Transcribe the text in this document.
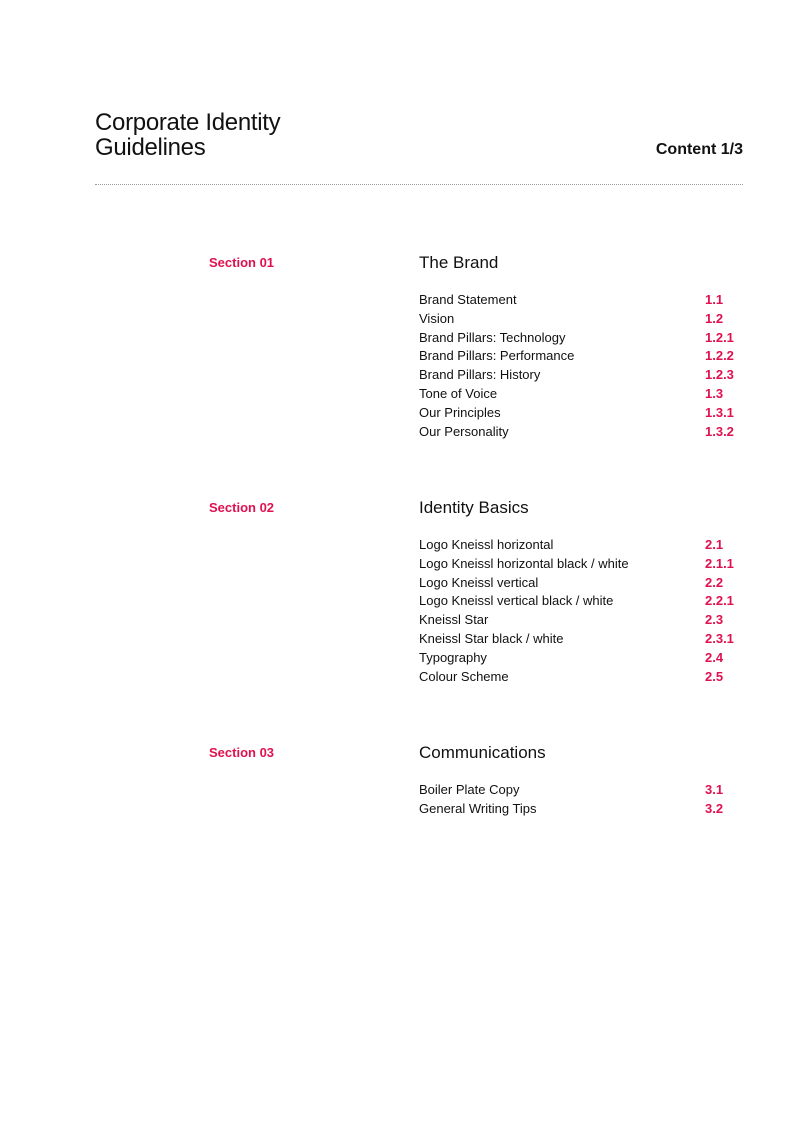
Corporate Identity
Guidelines	Content 1/3
Section 01	The Brand
Brand Statement	1.1
Vision	1.2
Brand Pillars: Technology	1.2.1
Brand Pillars: Performance	1.2.2
Brand Pillars: History	1.2.3
Tone of Voice	1.3
Our Principles	1.3.1
Our Personality	1.3.2
Section 02	Identity Basics
Logo Kneissl horizontal	2.1
Logo Kneissl horizontal black / white	2.1.1
Logo Kneissl vertical	2.2
Logo Kneissl vertical black / white	2.2.1
Kneissl Star	2.3
Kneissl Star black / white	2.3.1
Typography	2.4
Colour Scheme	2.5
Section 03	Communications
Boiler Plate Copy	3.1
General Writing Tips	3.2
